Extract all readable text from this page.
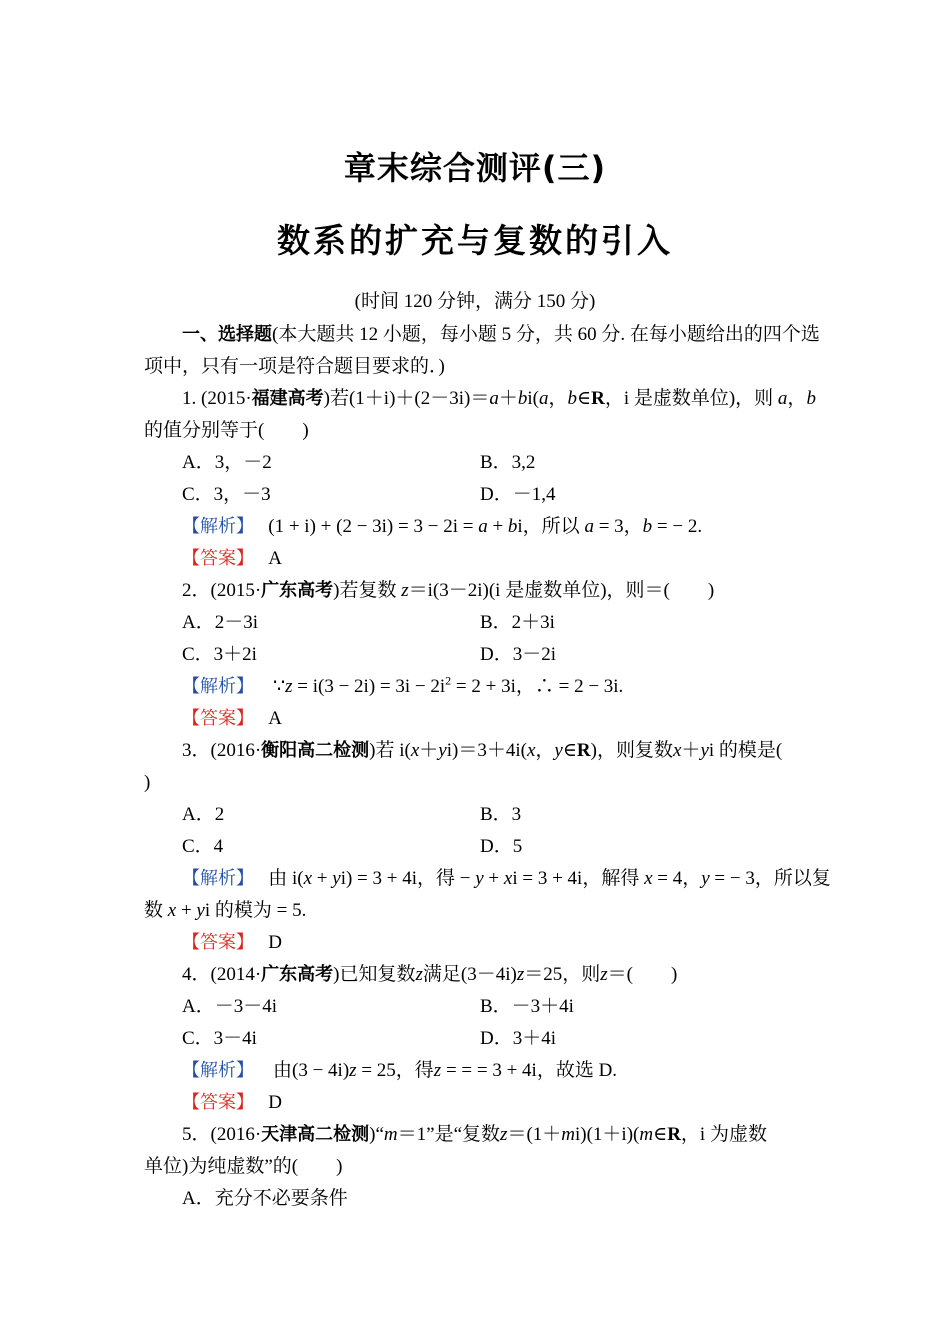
章末综合测评(三)
数系的扩充与复数的引入
(时间 120 分钟，满分 150 分)
一、选择题(本大题共 12 小题，每小题 5 分，共 60 分. 在每小题给出的四个选
项中，只有一项是符合题目要求的．)
1. (2015·福建高考)若(1＋i)＋(2－3i)＝a＋bi(a，b∈R，i 是虚数单位)，则 a，b
的值分别等于(　　)
A．3，－2	B．3,2
C．3，－3	D．－1,4
【解析】 (1 + i) + (2 − 3i) = 3 − 2i = a + bi，所以 a = 3，b = − 2.
【答案】 A
2．(2015·广东高考)若复数 z＝i(3－2i)(i 是虚数单位)，则＝(　　)
A．2－3i	B．2＋3i
C．3＋2i	D．3－2i
【解析】 ∵z = $i(3 - 2i) = 3i - 2i^2 = 2 + 3i$，∴ = 2 − 3i.
【答案】 A
3．(2016·衡阳高二检测)若 i(x＋yi)＝3＋4i(x，y∈R)，则复数x＋yi 的模是(
)
A．2	B．3
C．4	D．5
【解析】 由 i(x + yi) = 3 + 4i，得 − y + xi = 3 + 4i，解得 x = 4，y = − 3，所以复
数 x + yi 的模为 = 5.
【答案】 D
4．(2014·广东高考)已知复数z满足(3－4i)z＝25，则z＝(　　)
A．－3－4i	B．－3＋4i
C．3－4i	D．3＋4i
【解析】 由(3 − 4i)z = 25，得z = = = 3 + 4i，故选 D.
【答案】 D
5．(2016·天津高二检测)“m＝1”是“复数z＝(1＋mi)(1＋i)(m∈R，i 为虚数
单位)为纯虚数”的(　　)
A．充分不必要条件
